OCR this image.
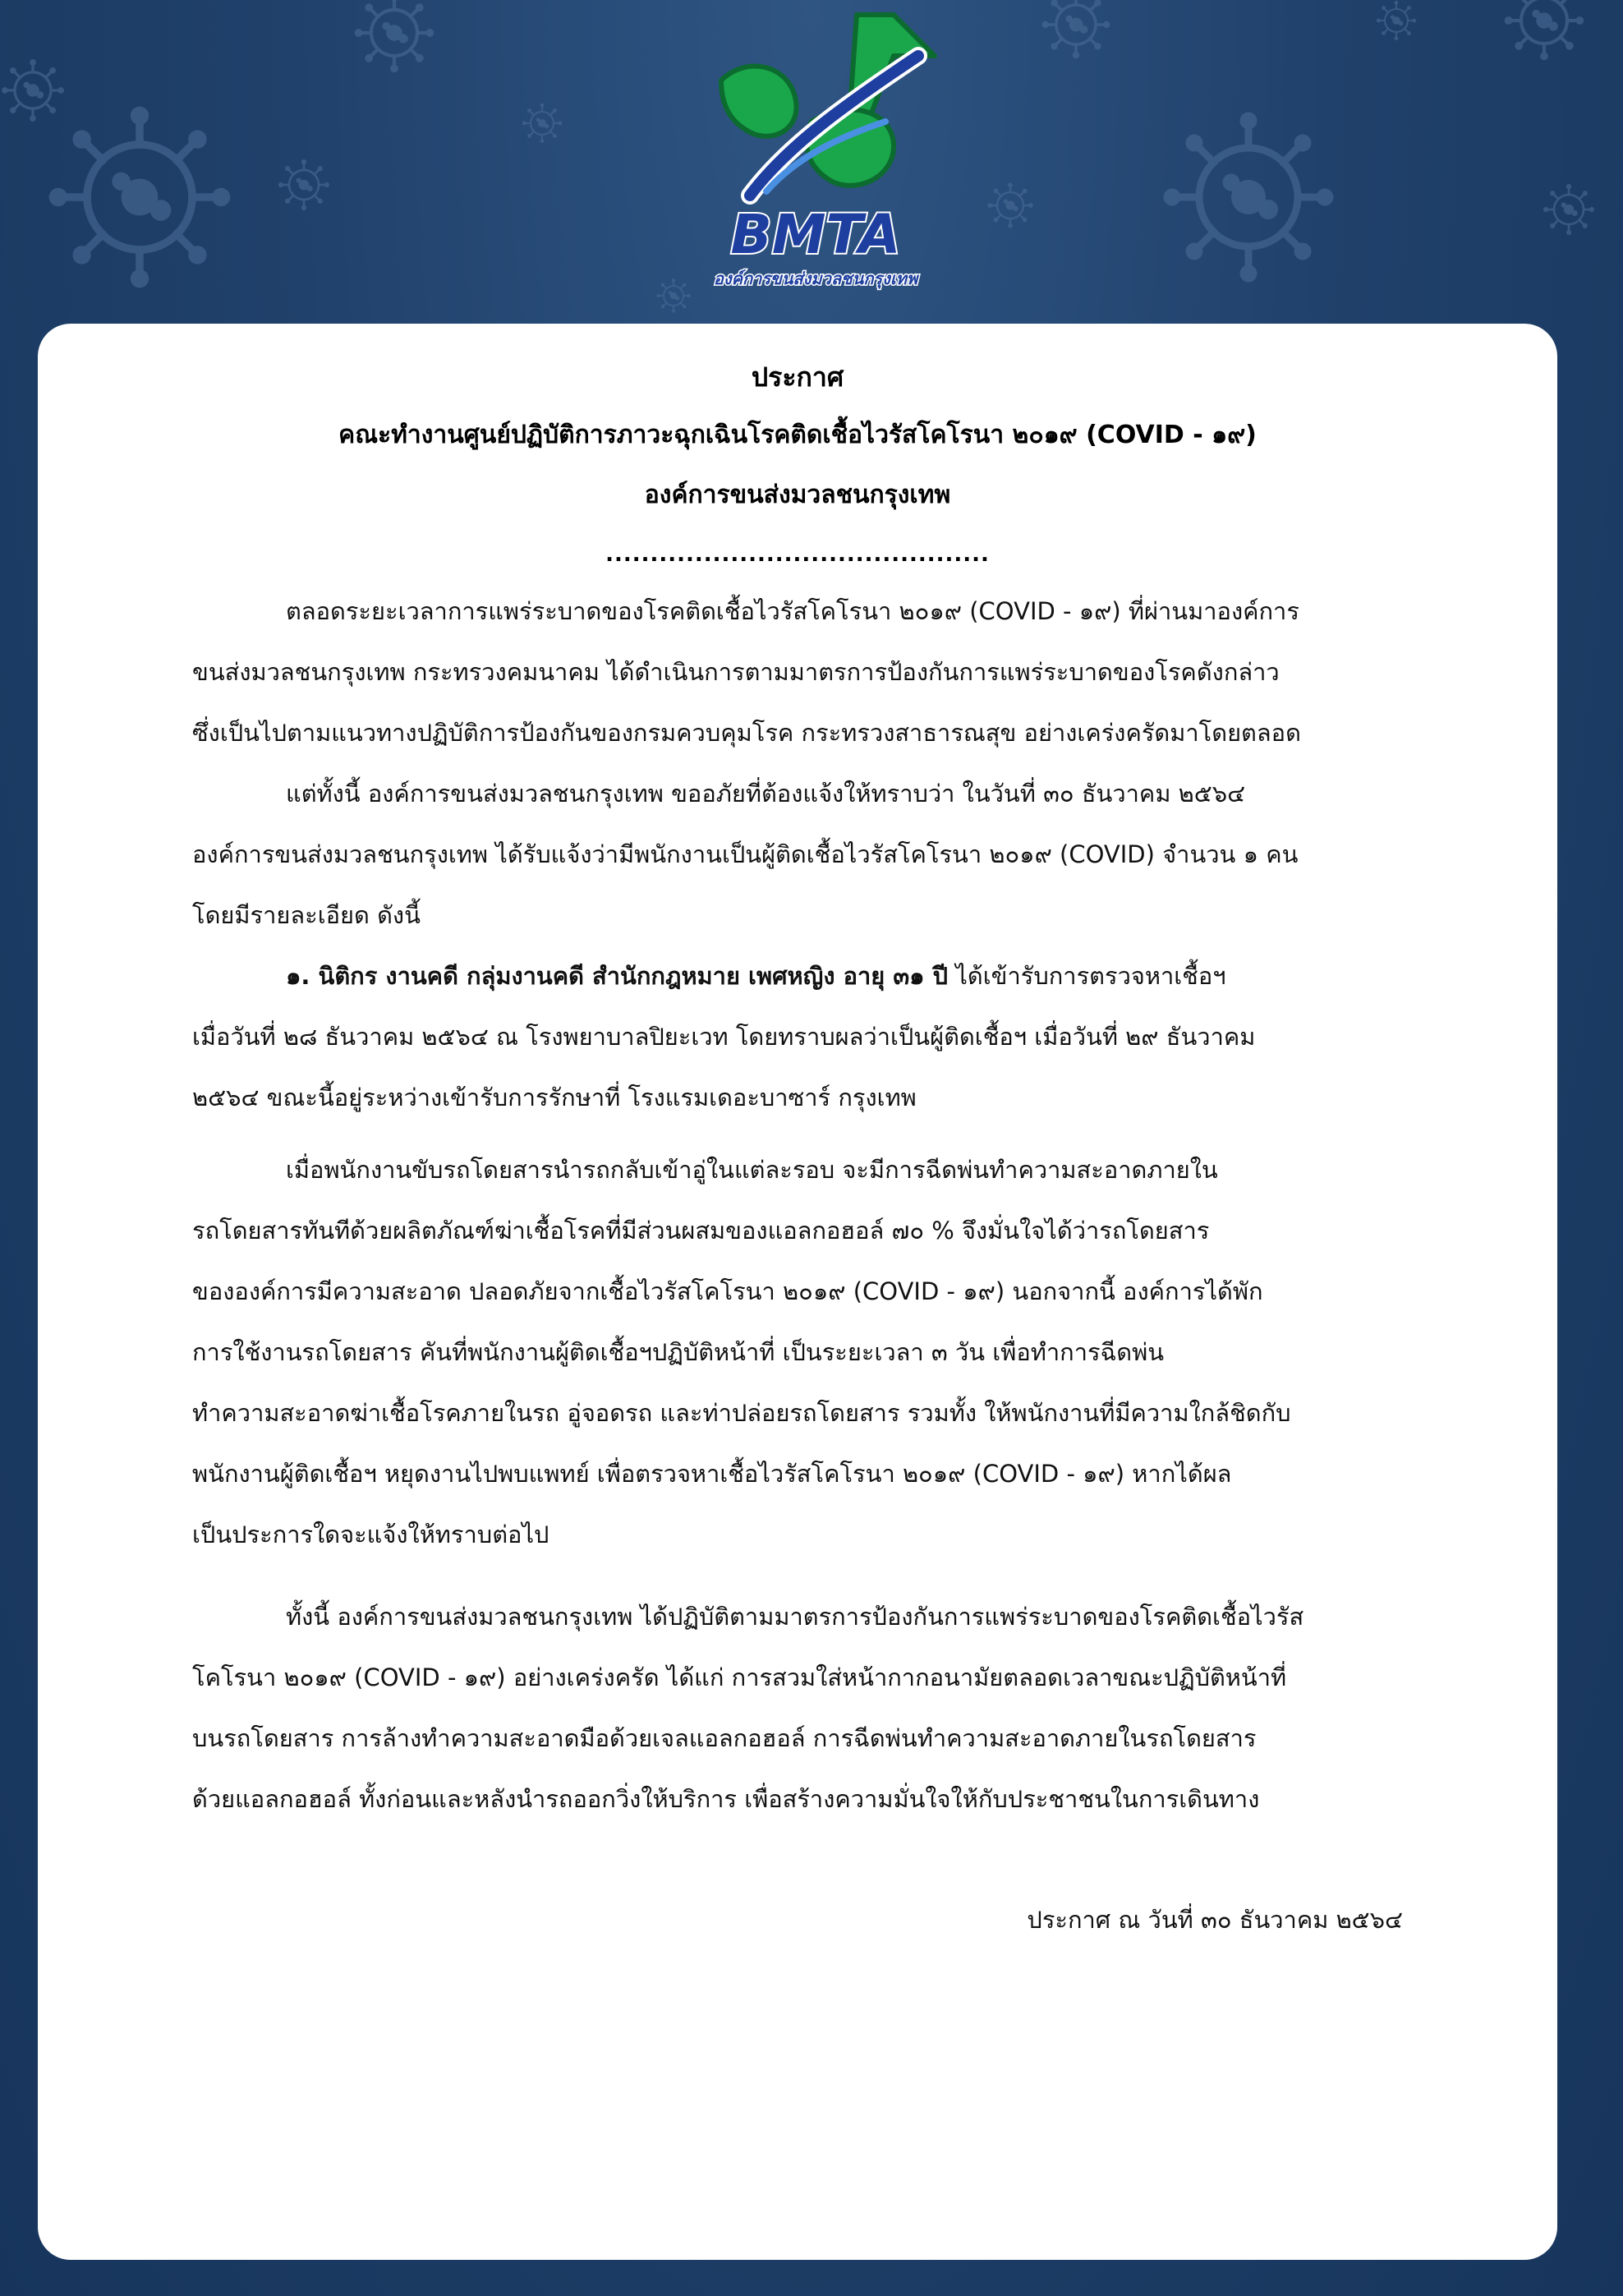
BMTA
องค์การขนส่งมวลชนกรุงเทพ
ประกาศ
คณะทำงานศูนย์ปฏิบัติการภาวะฉุกเฉินโรคติดเชื้อไวรัสโคโรนา ๒๐๑๙ (COVID - ๑๙)
องค์การขนส่งมวลชนกรุงเทพ
...........................................
ตลอดระยะเวลาการแพร่ระบาดของโรคติดเชื้อไวรัสโคโรนา ๒๐๑๙ (COVID - ๑๙) ที่ผ่านมาองค์การ
ขนส่งมวลชนกรุงเทพ กระทรวงคมนาคม ได้ดำเนินการตามมาตรการป้องกันการแพร่ระบาดของโรคดังกล่าว
ซึ่งเป็นไปตามแนวทางปฏิบัติการป้องกันของกรมควบคุมโรค กระทรวงสาธารณสุข อย่างเคร่งครัดมาโดยตลอด
แต่ทั้งนี้ องค์การขนส่งมวลชนกรุงเทพ ขออภัยที่ต้องแจ้งให้ทราบว่า ในวันที่ ๓๐ ธันวาคม ๒๕๖๔
องค์การขนส่งมวลชนกรุงเทพ ได้รับแจ้งว่ามีพนักงานเป็นผู้ติดเชื้อไวรัสโคโรนา ๒๐๑๙ (COVID) จำนวน ๑ คน
โดยมีรายละเอียด ดังนี้
๑. นิติกร งานคดี กลุ่มงานคดี สำนักกฎหมาย เพศหญิง อายุ ๓๑ ปี ได้เข้ารับการตรวจหาเชื้อฯ
เมื่อวันที่ ๒๘ ธันวาคม ๒๕๖๔ ณ โรงพยาบาลปิยะเวท โดยทราบผลว่าเป็นผู้ติดเชื้อฯ เมื่อวันที่ ๒๙ ธันวาคม
๒๕๖๔ ขณะนี้อยู่ระหว่างเข้ารับการรักษาที่ โรงแรมเดอะบาซาร์ กรุงเทพ
เมื่อพนักงานขับรถโดยสารนำรถกลับเข้าอู่ในแต่ละรอบ จะมีการฉีดพ่นทำความสะอาดภายใน
รถโดยสารทันทีด้วยผลิตภัณฑ์ฆ่าเชื้อโรคที่มีส่วนผสมของแอลกอฮอล์ ๗๐ % จึงมั่นใจได้ว่ารถโดยสาร
ขององค์การมีความสะอาด ปลอดภัยจากเชื้อไวรัสโคโรนา ๒๐๑๙ (COVID - ๑๙) นอกจากนี้ องค์การได้พัก
การใช้งานรถโดยสาร คันที่พนักงานผู้ติดเชื้อฯปฏิบัติหน้าที่ เป็นระยะเวลา ๓ วัน เพื่อทำการฉีดพ่น
ทำความสะอาดฆ่าเชื้อโรคภายในรถ อู่จอดรถ และท่าปล่อยรถโดยสาร รวมทั้ง ให้พนักงานที่มีความใกล้ชิดกับ
พนักงานผู้ติดเชื้อฯ หยุดงานไปพบแพทย์ เพื่อตรวจหาเชื้อไวรัสโคโรนา ๒๐๑๙ (COVID - ๑๙) หากได้ผล
เป็นประการใดจะแจ้งให้ทราบต่อไป
ทั้งนี้ องค์การขนส่งมวลชนกรุงเทพ ได้ปฏิบัติตามมาตรการป้องกันการแพร่ระบาดของโรคติดเชื้อไวรัส
โคโรนา ๒๐๑๙ (COVID - ๑๙) อย่างเคร่งครัด ได้แก่ การสวมใส่หน้ากากอนามัยตลอดเวลาขณะปฏิบัติหน้าที่
บนรถโดยสาร การล้างทำความสะอาดมือด้วยเจลแอลกอฮอล์ การฉีดพ่นทำความสะอาดภายในรถโดยสาร
ด้วยแอลกอฮอล์ ทั้งก่อนและหลังนำรถออกวิ่งให้บริการ เพื่อสร้างความมั่นใจให้กับประชาชนในการเดินทาง
ประกาศ ณ วันที่ ๓๐ ธันวาคม ๒๕๖๔
